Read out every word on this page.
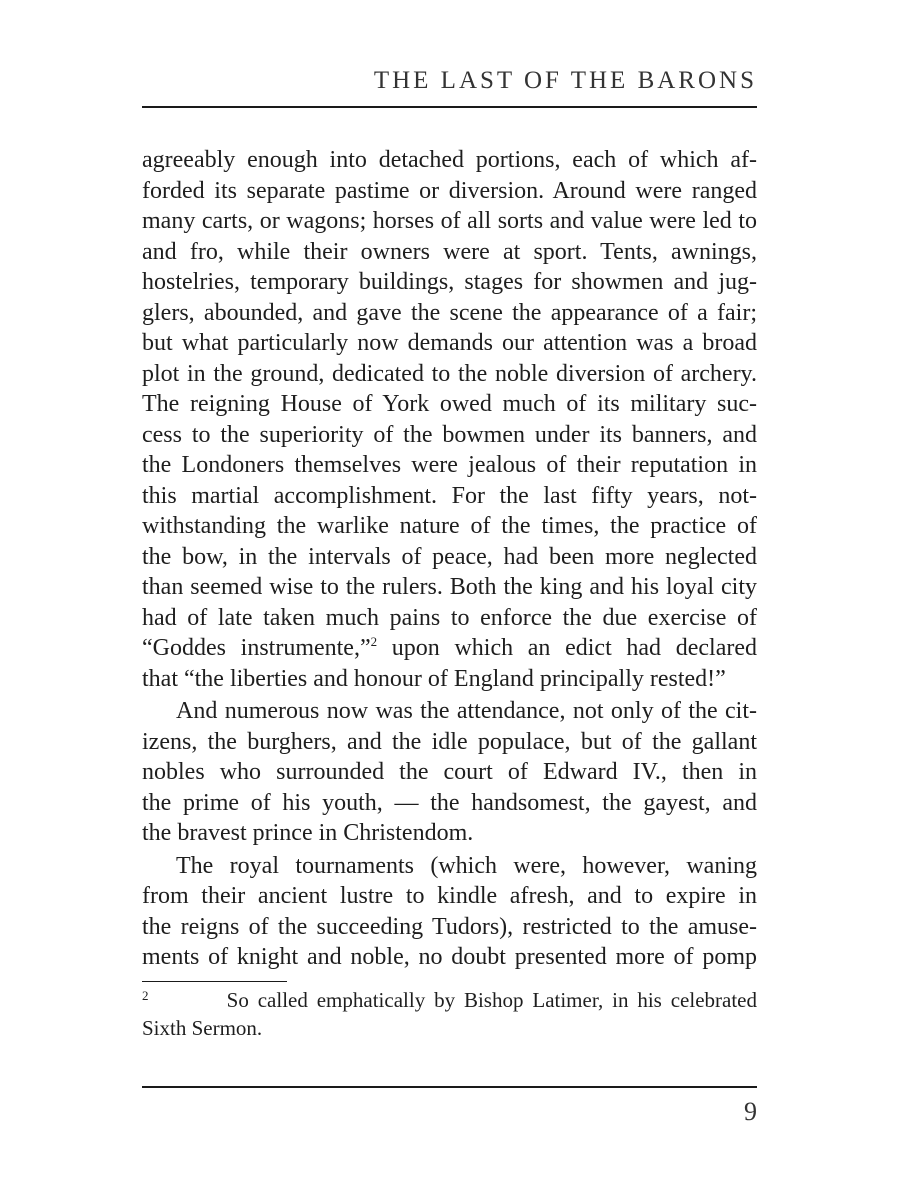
THE LAST OF THE BARONS
agreeably enough into detached portions, each of which af-
forded its separate pastime or diversion. Around were ranged
many carts, or wagons; horses of all sorts and value were led to
and fro, while their owners were at sport. Tents, awnings,
hostelries, temporary buildings, stages for showmen and jug-
glers, abounded, and gave the scene the appearance of a fair;
but what particularly now demands our attention was a broad
plot in the ground, dedicated to the noble diversion of archery.
The reigning House of York owed much of its military suc-
cess to the superiority of the bowmen under its banners, and
the Londoners themselves were jealous of their reputation in
this martial accomplishment. For the last fifty years, not-
withstanding the warlike nature of the times, the practice of
the bow, in the intervals of peace, had been more neglected
than seemed wise to the rulers. Both the king and his loyal city
had of late taken much pains to enforce the due exercise of
“Goddes instrumente,”$^2$ upon which an edict had declared
that “the liberties and honour of England principally rested!”
And numerous now was the attendance, not only of the cit-
izens, the burghers, and the idle populace, but of the gallant
nobles who surrounded the court of Edward IV., then in
the prime of his youth, — the handsomest, the gayest, and
the bravest prince in Christendom.
The royal tournaments (which were, however, waning
from their ancient lustre to kindle afresh, and to expire in
the reigns of the succeeding Tudors), restricted to the amuse-
ments of knight and noble, no doubt presented more of pomp
2	So called emphatically by Bishop Latimer, in his celebrated
Sixth Sermon.
9
